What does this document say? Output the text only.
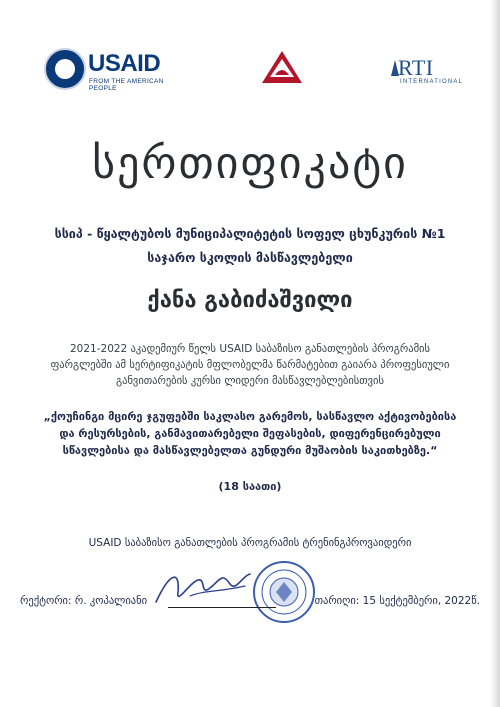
USAID
FROM THE AMERICAN PEOPLE
RTI
INTERNATIONAL
სერთიფიკატი
სსიპ - წყალტუბოს მუნიციპალიტეტის სოფელ ცხუნკურის №1
საჯარო სკოლის მასწავლებელი
ქანა გაბიძაშვილი
2021-2022 აკადემიურ წელს USAID საბაზისო განათლების პროგრამის ფარგლებში ამ სერტიფიკატის მფლობელმა წარმატებით გაიარა პროფესიული განვითარების კურსი ლიდერი მასწავლებლებისთვის
„ქოუჩინგი მცირე ჯგუფებში საკლასო გარემოს, სასწავლო აქტივობებისა და რესურსების, განმავითარებელი შეფასების, დიფერენცირებული სწავლებისა და მასწავლებელთა გუნდური მუშაობის საკითხებზე.“
(18 საათი)
USAID საბაზისო განათლების პროგრამის ტრენინგპროვაიდერი
რექტორი: რ. კოპალიანი	თარიღი: 15 სექტემბერი, 2022წ.
